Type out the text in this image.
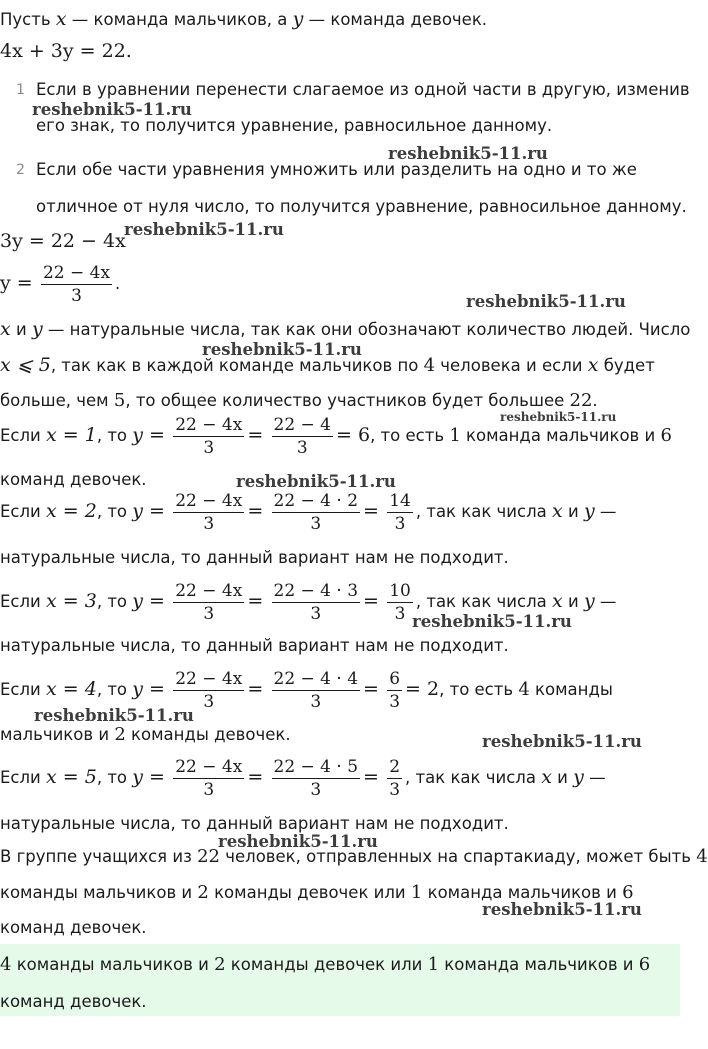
Пусть x — команда мальчиков, а y — команда девочек.
4x + 3y = 22.
1 Если в уравнении перенести слагаемое из одной части в другую, изменив
его знак, то получится уравнение, равносильное данному.
2 Если обе части уравнения умножить или разделить на одно и то же
отличное от нуля число, то получится уравнение, равносильное данному.
3y = 22 − 4x
$y = \frac{22 - 4x}{3}$ .
x и y — натуральные числа, так как они обозначают количество людей. Число
x ⩽ 5, так как в каждой команде мальчиков по 4 человека и если x будет
больше, чем 5, то общее количество участников будет большее 22.
Если x = 1, то $y = \frac{22 - 4x}{3} = \frac{22 - 4}{3} = 6$, то есть 1 команда мальчиков и 6
команд девочек.
Если x = 2, то $y = \frac{22 - 4x}{3} = \frac{22 - 4 \cdot 2}{3} = \frac{14}{3}$ , так как числа x и y —
натуральные числа, то данный вариант нам не подходит.
Если x = 3, то $y = \frac{22 - 4x}{3} = \frac{22 - 4 \cdot 3}{3} = \frac{10}{3}$ , так как числа x и y —
натуральные числа, то данный вариант нам не подходит.
Если x = 4, то $y = \frac{22 - 4x}{3} = \frac{22 - 4 \cdot 4}{3} = \frac{6}{3} = 2$, то есть 4 команды
мальчиков и 2 команды девочек.
Если x = 5, то $y = \frac{22 - 4x}{3} = \frac{22 - 4 \cdot 5}{3} = \frac{2}{3}$ , так как числа x и y —
натуральные числа, то данный вариант нам не подходит.
В группе учащихся из 22 человек, отправленных на спартакиаду, может быть 4
команды мальчиков и 2 команды девочек или 1 команда мальчиков и 6
команд девочек.
4 команды мальчиков и 2 команды девочек или 1 команда мальчиков и 6
команд девочек.
reshebnik5-11.ru
reshebnik5-11.ru
reshebnik5-11.ru
reshebnik5-11.ru
reshebnik5-11.ru
reshebnik5-11.ru
reshebnik5-11.ru
reshebnik5-11.ru
reshebnik5-11.ru
reshebnik5-11.ru
reshebnik5-11.ru
reshebnik5-11.ru
